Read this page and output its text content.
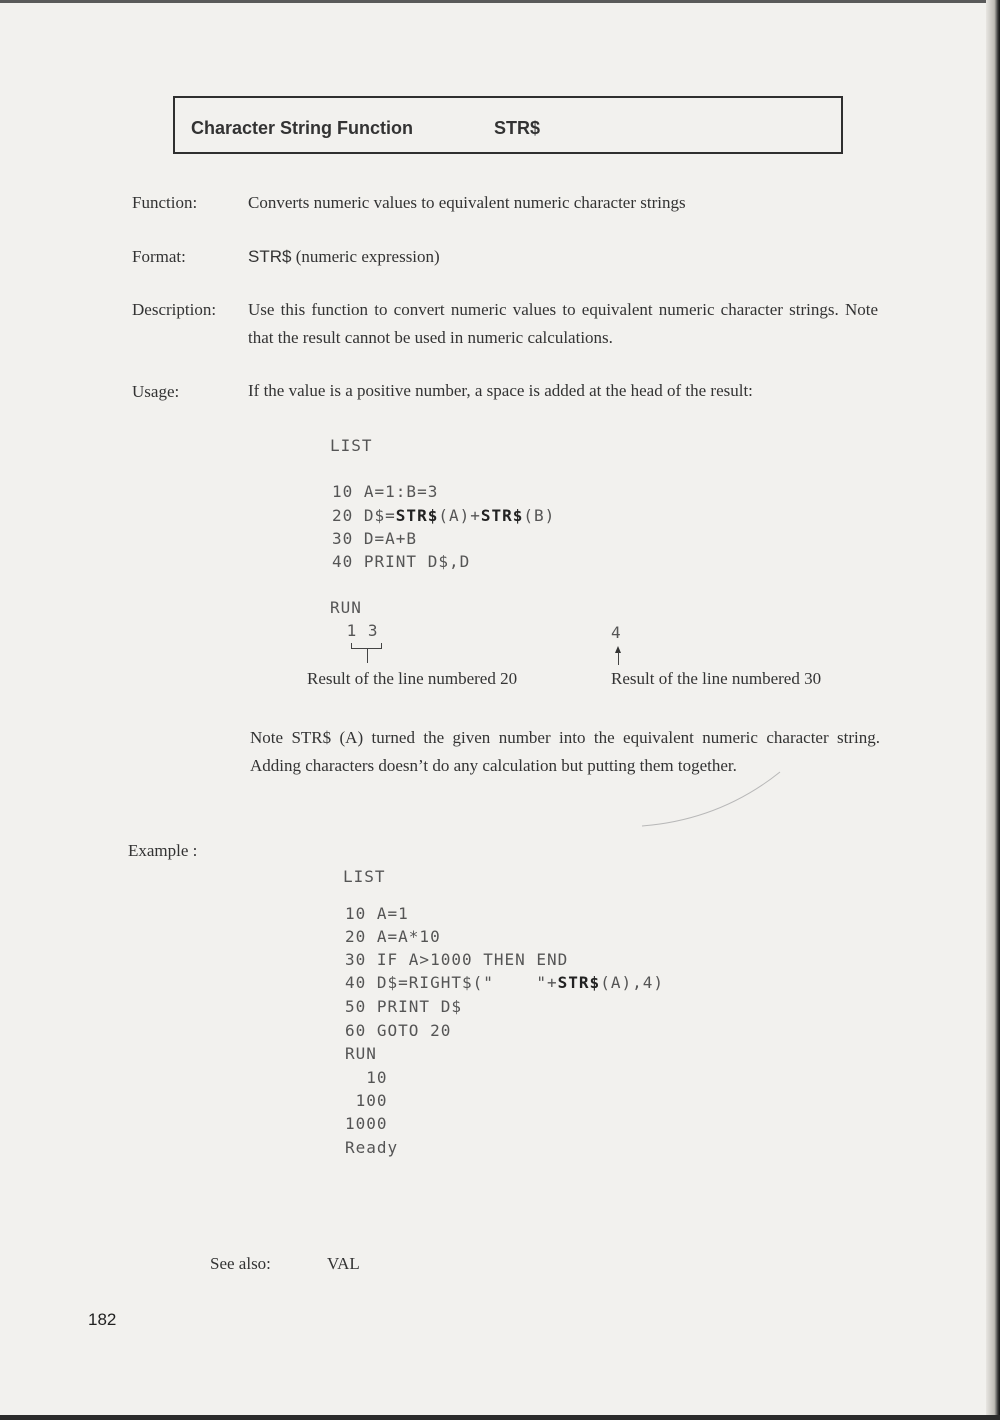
Character String Function	STR$
Function:	Converts numeric values to equivalent numeric character strings
Format:	STR$ (numeric expression)
Description: Use this function to convert numeric values to equivalent numeric character strings. Note that the result cannot be used in numeric calculations.
Usage:	If the value is a positive number, a space is added at the head of the result:
LIST
10 A=1:B=3
20 D$=STR$(A)+STR$(B)
30 D=A+B
40 PRINT D$,D
RUN
1 3	4
Result of the line numbered 20	Result of the line numbered 30
Note STR$ (A) turned the given number into the equivalent numeric character string. Adding characters doesn’t do any calculation but putting them together.
Example :
LIST
10 A=1
20 A=A*10
30 IF A>1000 THEN END
40 D$=RIGHT$("    "+STR$(A),4)
50 PRINT D$
60 GOTO 20
RUN
10
100
1000
Ready
See also:	VAL
182
